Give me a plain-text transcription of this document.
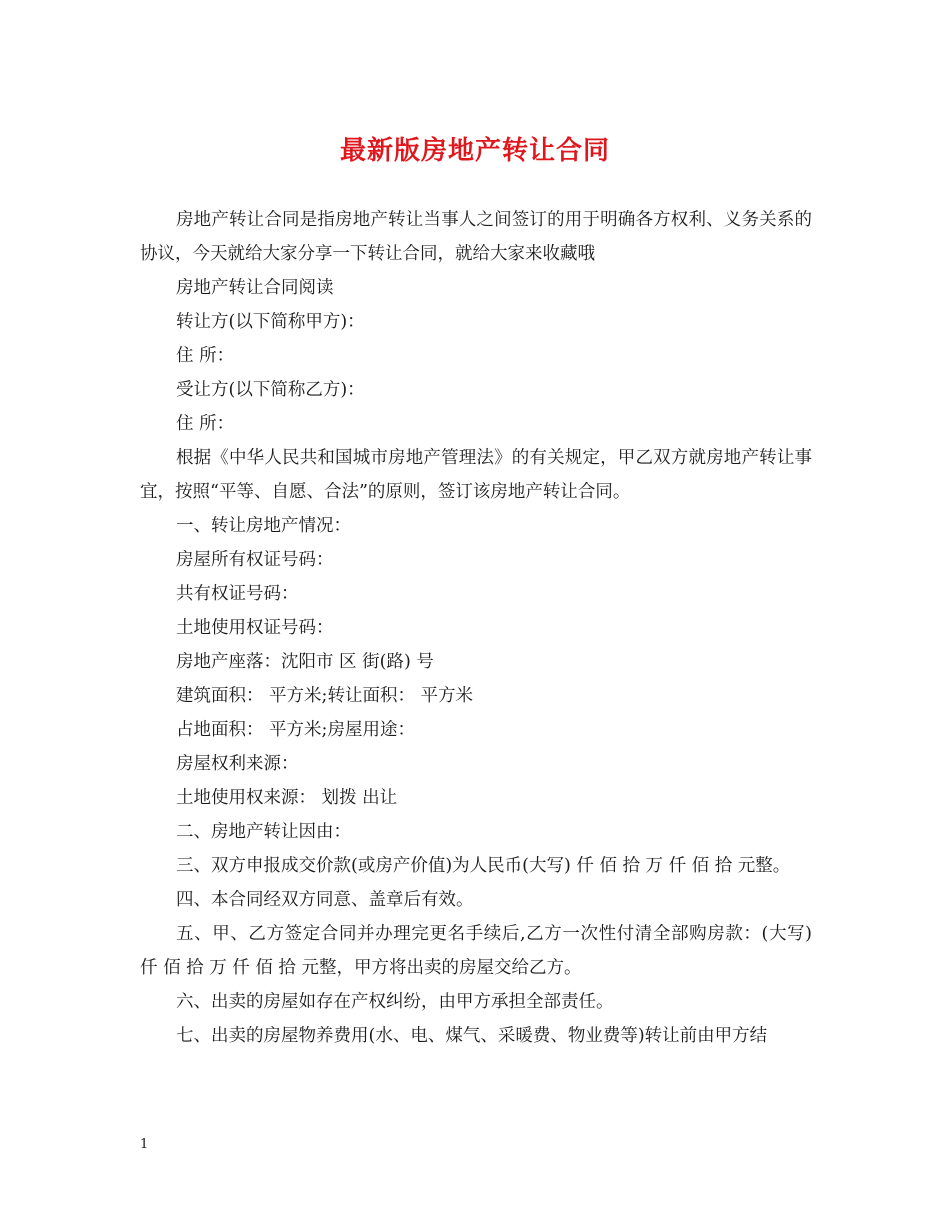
最新版房地产转让合同

房地产转让合同是指房地产转让当事人之间签订的用于明确各方权利、义务关系的协议，今天就给大家分享一下转让合同，就给大家来收藏哦

房地产转让合同阅读

转让方(以下简称甲方)：

住 所：

受让方(以下简称乙方)：

住 所：

根据《中华人民共和国城市房地产管理法》的有关规定，甲乙双方就房地产转让事宜，按照“平等、自愿、合法”的原则，签订该房地产转让合同。

一、转让房地产情况：

房屋所有权证号码：

共有权证号码：

土地使用权证号码：

房地产座落：沈阳市 区 街(路) 号

建筑面积： 平方米;转让面积： 平方米

占地面积： 平方米;房屋用途：

房屋权利来源：

土地使用权来源： 划拨 出让

二、房地产转让因由：

三、双方申报成交价款(或房产价值)为人民币(大写) 仟 佰 拾 万 仟 佰 拾 元整。

四、本合同经双方同意、盖章后有效。

五、甲、乙方签定合同并办理完更名手续后,乙方一次性付清全部购房款：(大写) 仟 佰 拾 万 仟 佰 拾 元整，甲方将出卖的房屋交给乙方。

六、出卖的房屋如存在产权纠纷，由甲方承担全部责任。

七、出卖的房屋物养费用(水、电、煤气、采暖费、物业费等)转让前由甲方结

1
